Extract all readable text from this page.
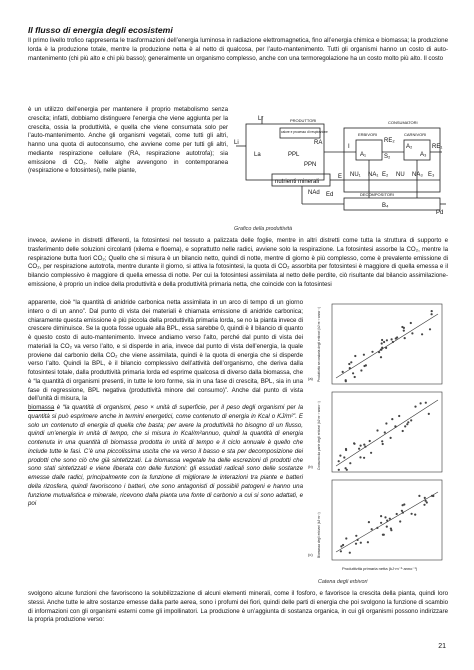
Il flusso di energia degli ecosistemi

Il primo livello trofico rappresenta le trasformazioni dell’energia luminosa in radiazione elettromagnetica, fino all’energia chimica e biomassa; la produzione lorda è la produzione totale, mentre la produzione netta è al netto di qualcosa, per l’auto-mantenimento. Tutti gli organismi hanno un costo di auto-mantenimento (chi più alto e chi più basso); generalmente un organismo complesso, anche con una termoregolazione ha un costo molto più alto. Il costo

è un utilizzo dell’energia per mantenere il proprio metabolismo senza crescita; infatti, dobbiamo distinguere l’energia che viene aggiunta per la crescita, ossia la produttività, e quella che viene consumata solo per l’auto-mantenimento. Anche gli organismi vegetali, come tutti gli altri, hanno una quota di autoconsumo, che avviene come per tutti gli altri, mediante respirazione cellulare (RA, respirazione autotrofa); sia emissione di CO₂. Nelle alghe avvengono in contemporanea (respirazione e fotosintesi), nelle piante,

Lr	PRODUTTORI
calore e processo di respirazione
RA
CONSUMATORI
ERBIVORI	CARNIVORI
RE₂
A₂	RE₁
A₃
Li
La	PPL
PPN
I
A₁	S₂
E NU₁ NA₁ E₂ NU NA₃ E₃
nutrienti minerali
NAd Ed	DECOMPOSITORI
B₄
Pd
Grafico della produttività

invece, avviene in distretti differenti, la fotosintesi nel tessuto a palizzata delle foglie, mentre in altri distretti come tutta la struttura di supporto e trasferimento delle soluzioni circolanti (xilema e floema), e soprattutto nelle radici, avviene solo la respirazione. La fotosintesi assorbe la CO₂, mentre la respirazione butta fuori CO₂; Quello che si misura è un bilancio netto, quindi di notte, mentre di giorno è più complesso, come è prevalente emissione di CO₂, per respirazione autotrofa, mentre durante il giorno, si attiva la fotosintesi, la quota di CO₂ assorbita per fotosintesi è maggiore di quella emessa e il bilancio complessivo è maggiore di quella emessa di notte. Per cui la fotosintesi assimilata al netto delle perdite, ciò risultante dal bilancio assimilazione-emissione, è proprio un indice della produttività e della produttività primaria netta, che coincide con la fotosintesi

apparente, cioè “la quantità di anidride carbonica netta assimilata in un arco di tempo di un giorno intero o di un anno”. Dal punto di vista dei materiali è chiamata emissione di anidride carbonica; chiaramente questa emissione è più piccola della produttività primaria lorda, se no la pianta invece di crescere diminuisce. Se la quota fosse uguale alla BPL, essa sarebbe 0, quindi è il bilancio di quanto è questo costo di auto-mantenimento. Invece andiamo verso l’alto, perché dal punto di vista dei materiali la CO₂ va verso l’alto, e si disperde in aria, invece dal punto di vista dell’energia, la quale proviene dal carbonio della CO₂ che viene assimilata, quindi è la quota di energia che si disperde verso l’alto. Quindi la BPL, è il bilancio complessivo dell’attività dell’organismo, che deriva dalla fotosintesi totale, dalla produttività primaria lorda ed esprime qualcosa di diverso dalla biomassa, che è “la quantità di organismi presenti, in tutte le loro forme, sia in una fase di crescita, BPL, sia in una fase di regressione, BPL negativa (produttività minore del consumo)”. Anche dal punto di vista dell’unità di misura, la

biomassa è “la quantità di organismi, peso × unità di superficie, per il peso degli organismi per la quantità si può esprimere anche in termini energetici, come contenuto di energia in Kcal o KJ/m²”. E solo un contenuto di energia di quella che basta; per avere la produttività ho bisogno di un flusso, quindi un’energia in unità di tempo, che si misura in Kcal/m²annuo, quindi la quantità di energia contenuta in una quantità di biomassa prodotta in unità di tempo e il ciclo annuale è quello che include tutte le fasi. C’è una piccolissima uscita che va verso il basso e sta per decomposizione dei prodotti che sono ciò che già sintetizzati. La biomassa vegetale ha delle escrezioni di prodotti che sono stati sintetizzati e viene liberata con delle funzioni: gli essudati radicali sono delle sostanze emesse dalle radici, principalmente con la funzione di migliorare le interazioni tra piante e batteri della rizosfera, quindi favoriscono i batteri, che sono antagonisti di possibili patogeni e hanno una funzione mutualistica e minerale, ricevono dalla pianta una fonte di carbonio a cui si sono adattati, e poi

(a)
(b)
(c)
Produttività primaria netta (kJ·m⁻²·anno⁻¹)
Produttività secondaria degli erbivori (kJ·m⁻²·anno⁻¹)
Consumo da parte degli erbivori (kJ·m⁻²·anno⁻¹)
Biomassa degli erbivori (kJ·m⁻²)
Catena degli erbivori

svolgono alcune funzioni che favoriscono la solubilizzazione di alcuni elementi minerali, come il fosforo, e favorisce la crescita della pianta, quindi loro stessi. Anche tutte le altre sostanze emesse dalla parte aerea, sono i profumi dei fiori, quindi delle parti di energia che poi svolgono la funzione di scambio di informazioni con gli organismi esterni come gli impollinatori. La produzione è un’aggiunta di sostanza organica, in cui gli organismi possono indirizzare la propria produzione verso:

21
